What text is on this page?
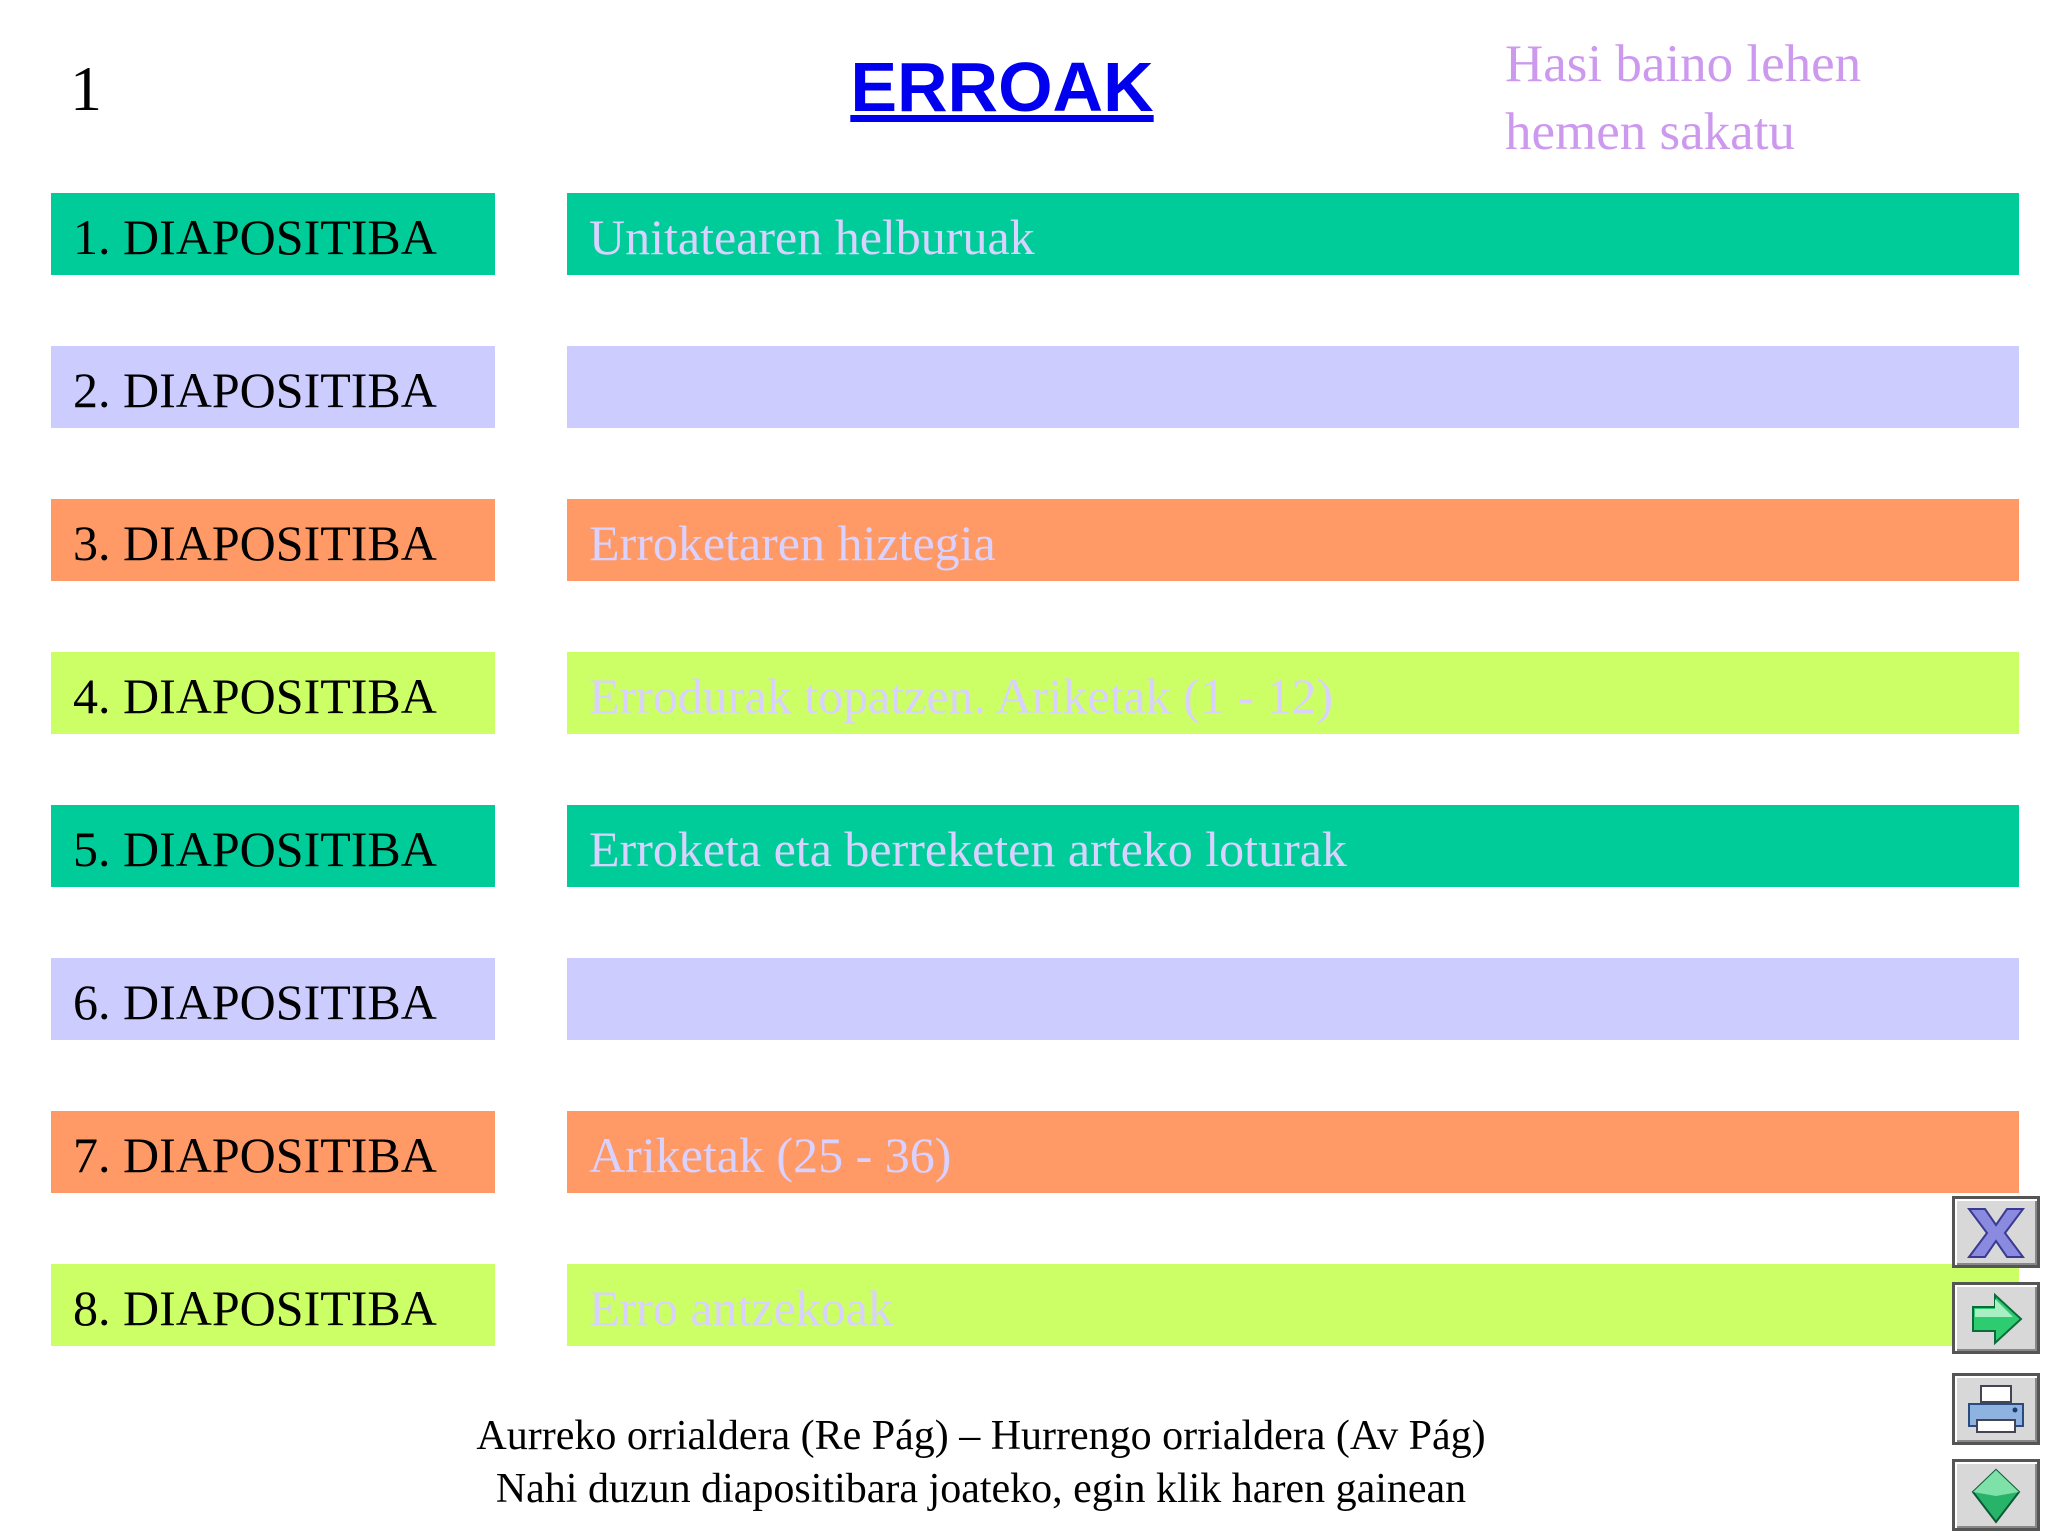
1	ERROAK	Hasi baino lehen
hemen sakatu
1. DIAPOSITIBA	Unitatearen helburuak
2. DIAPOSITIBA
3. DIAPOSITIBA	Erroketaren hiztegia
4. DIAPOSITIBA	Errodurak topatzen. Ariketak (1 - 12)
5. DIAPOSITIBA	Erroketa eta berreketen arteko loturak
6. DIAPOSITIBA
7. DIAPOSITIBA	Ariketak (25 - 36)
8. DIAPOSITIBA	Erro antzekoak
Aurreko orrialdera (Re Pág) – Hurrengo orrialdera (Av Pág)
Nahi duzun diapositibara joateko, egin klik haren gainean
